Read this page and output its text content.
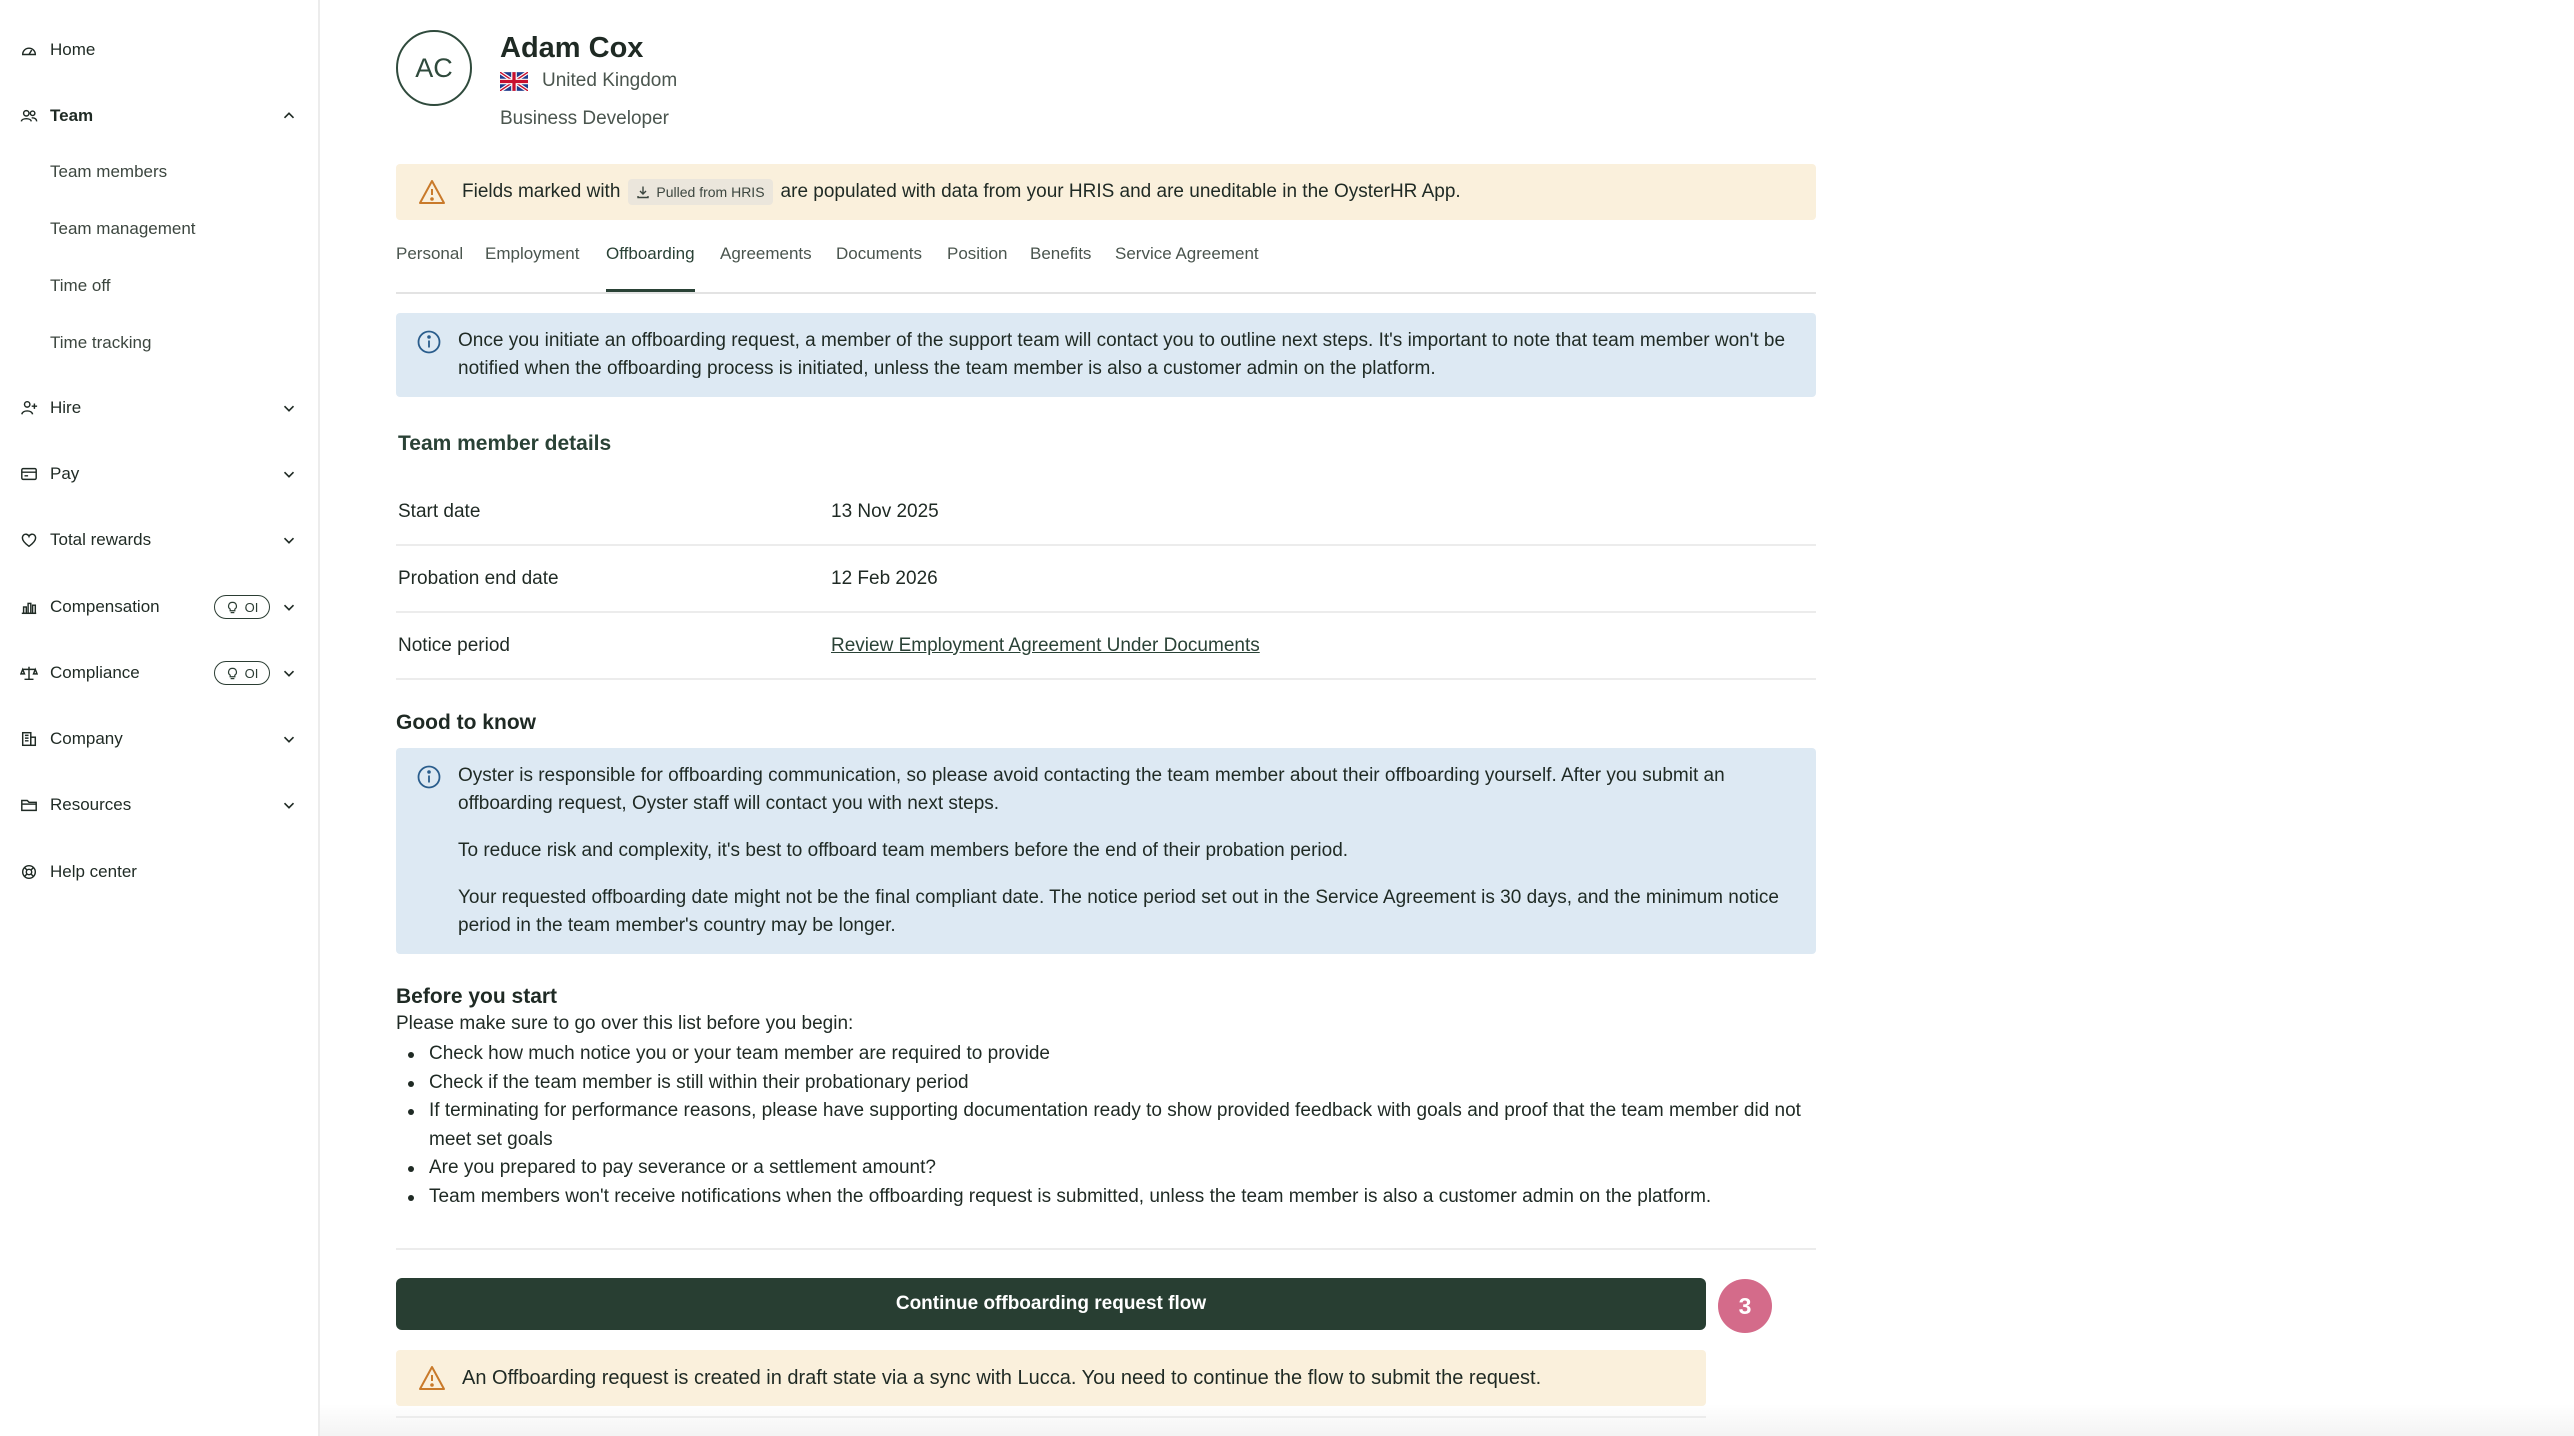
Home
Team
Team members
Team management
Time off
Time tracking
Hire
Pay
Total rewards
Compensation	OI
Compliance	OI
Company
Resources
Help center
AC
Adam Cox
United Kingdom
Business Developer
Fields marked with	Pulled from HRIS are populated with data from your HRIS and are uneditable in the OysterHR App.
Personal Employment Offboarding Agreements Documents Position Benefits Service Agreement

Once you initiate an offboarding request, a member of the support team will contact you to outline next steps. It's important to note that team member won't be notified when the offboarding process is initiated, unless the team member is also a customer admin on the platform.

Team member details
Start date	13 Nov 2025
Probation end date	12 Feb 2026
Notice period	Review Employment Agreement Under Documents
Good to know

Oyster is responsible for offboarding communication, so please avoid contacting the team member about their offboarding yourself. After you submit an offboarding request, Oyster staff will contact you with next steps.

To reduce risk and complexity, it's best to offboard team members before the end of their probation period.

Your requested offboarding date might not be the final compliant date. The notice period set out in the Service Agreement is 30 days, and the minimum notice period in the team member's country may be longer.

Before you start
Please make sure to go over this list before you begin:
Check how much notice you or your team member are required to provide
Check if the team member is still within their probationary period
If terminating for performance reasons, please have supporting documentation ready to show provided feedback with goals and proof that the team member did not meet set goals
Are you prepared to pay severance or a settlement amount?
Team members won't receive notifications when the offboarding request is submitted, unless the team member is also a customer admin on the platform.
Continue offboarding request flow	3
An Offboarding request is created in draft state via a sync with Lucca. You need to continue the flow to submit the request.
